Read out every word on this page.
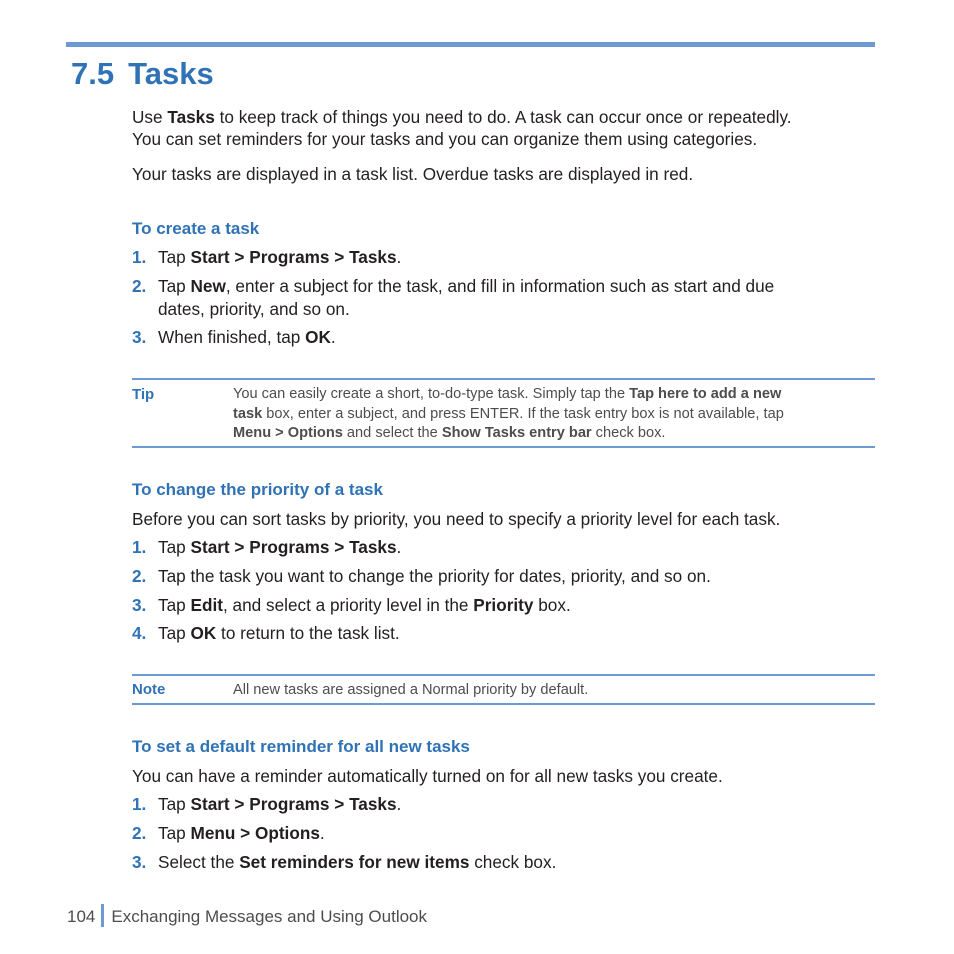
7.5 Tasks

Use Tasks to keep track of things you need to do. A task can occur once or repeatedly.
You can set reminders for your tasks and you can organize them using categories.

Your tasks are displayed in a task list. Overdue tasks are displayed in red.

To create a task
1. Tap Start > Programs > Tasks.
2. Tap New, enter a subject for the task, and fill in information such as start and due
dates, priority, and so on.
3. When finished, tap OK.
Tip	You can easily create a short, to-do-type task. Simply tap the Tap here to add a new
task box, enter a subject, and press ENTER. If the task entry box is not available, tap
Menu > Options and select the Show Tasks entry bar check box.
To change the priority of a task

Before you can sort tasks by priority, you need to specify a priority level for each task.

1. Tap Start > Programs > Tasks.
2. Tap the task you want to change the priority for dates, priority, and so on.
3. Tap Edit, and select a priority level in the Priority box.
4. Tap OK to return to the task list.
Note	All new tasks are assigned a Normal priority by default.
To set a default reminder for all new tasks

You can have a reminder automatically turned on for all new tasks you create.

1. Tap Start > Programs > Tasks.
2. Tap Menu > Options.
3. Select the Set reminders for new items check box.
104 Exchanging Messages and Using Outlook
